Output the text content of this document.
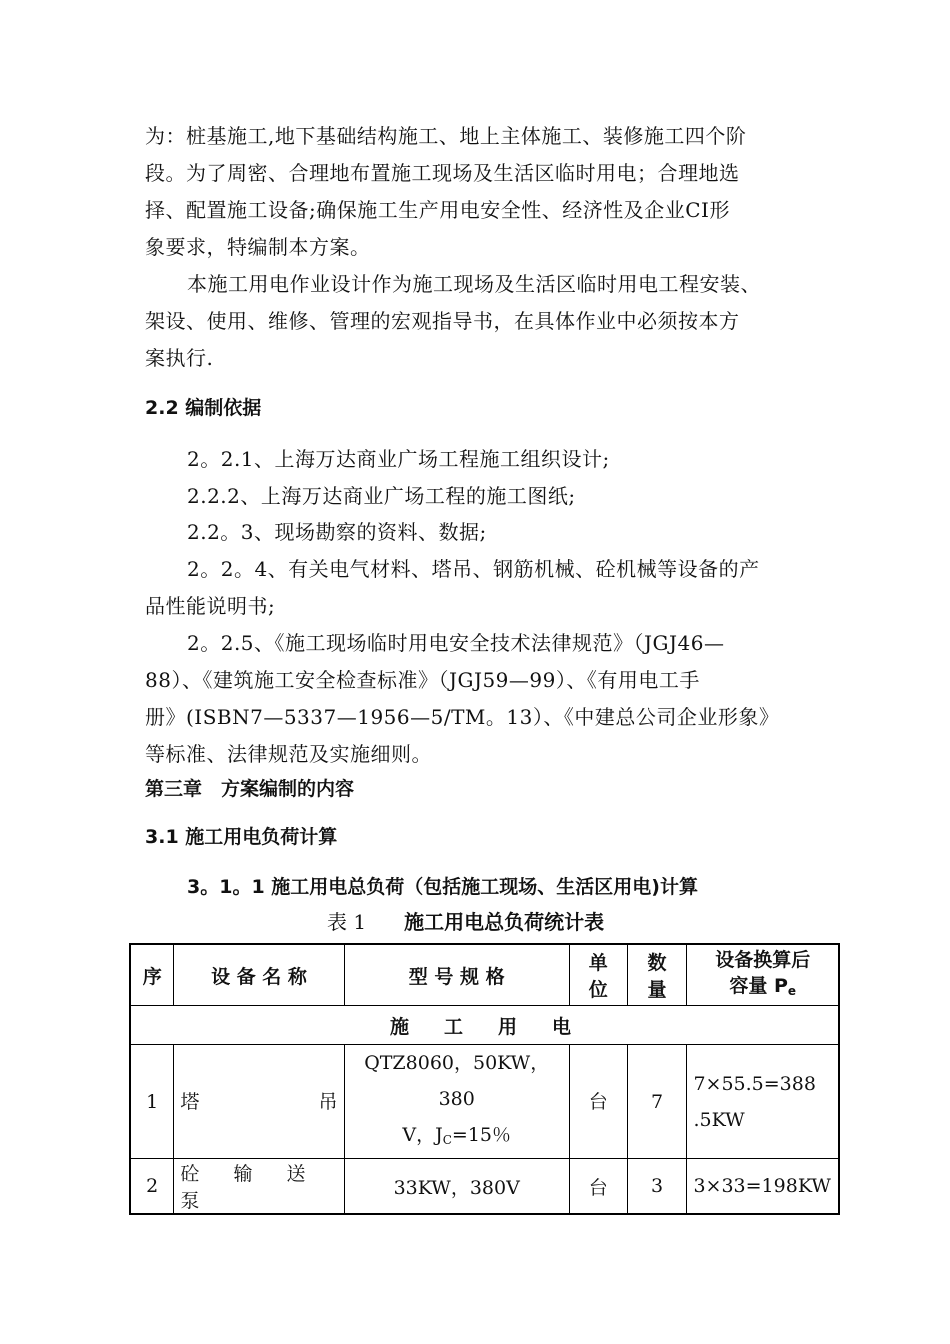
为：桩基施工,地下基础结构施工、地上主体施工、装修施工四个阶
段。为了周密、合理地布置施工现场及生活区临时用电；合理地选
择、配置施工设备;确保施工生产用电安全性、经济性及企业CI形
象要求，特编制本方案。
本施工用电作业设计作为施工现场及生活区临时用电工程安装、
架设、使用、维修、管理的宏观指导书，在具体作业中必须按本方
案执行.
2.2 编制依据
2。2.1、上海万达商业广场工程施工组织设计;
2.2.2、上海万达商业广场工程的施工图纸;
2.2。3、现场勘察的资料、数据;
2。2。4、有关电气材料、塔吊、钢筋机械、砼机械等设备的产
品性能说明书;
2。2.5、《施工现场临时用电安全技术法律规范》（JGJ46—
88）、《建筑施工安全检查标准》（JGJ59—99）、《有用电工手
册》(ISBN7—5337—1956—5/TM。13）、《中建总公司企业形象》
等标准、法律规范及实施细则。
第三章　方案编制的内容
3.1 施工用电负荷计算
3。1。1 施工用电总负荷（包括施工现场、生活区用电)计算
表 1 施工用电总负荷统计表
序	设 备 名 称	型 号 规 格	单
位	数
量	设备换算后
容量 $P_e$
施　工　用　电					
1	塔 吊	QTZ8060，50KW，380
V，$J_C=15$％	台	7	7×55.5=388
.5KW
2	砼 输 送 泵	33KW，380V	台	3	3×33=198KW
